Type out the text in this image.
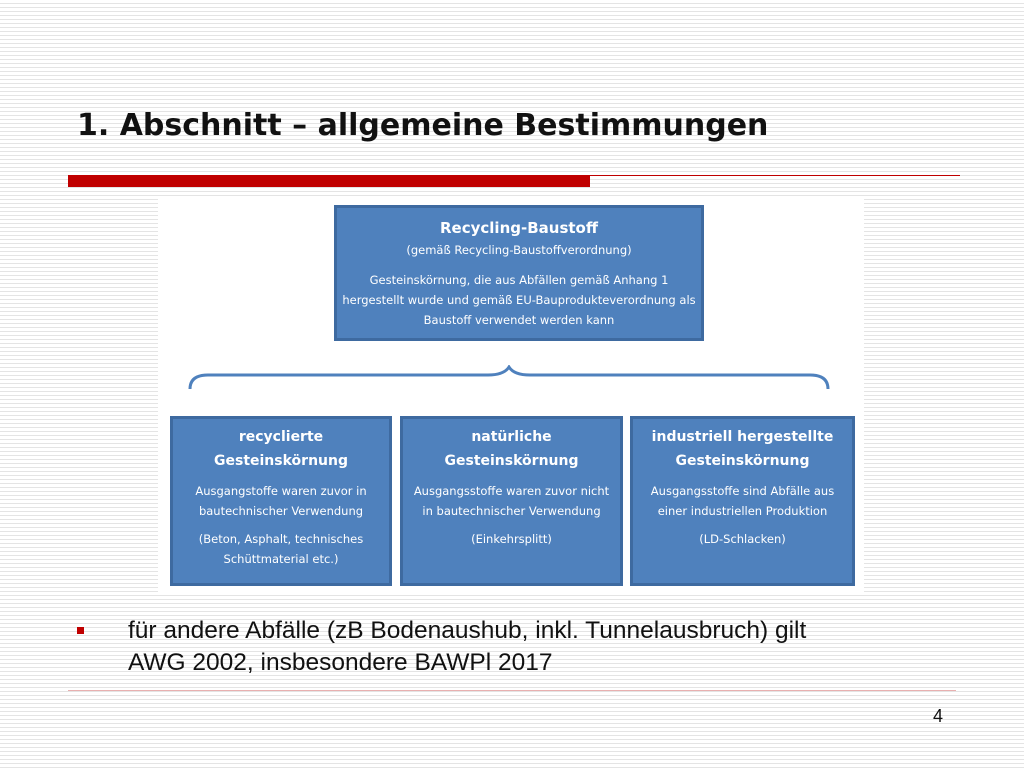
1. Abschnitt – allgemeine Bestimmungen
Recycling-Baustoff
(gemäß Recycling-Baustoffverordnung)
Gesteinskörnung, die aus Abfällen gemäß Anhang 1
hergestellt wurde und gemäß EU-Bauprodukteverordnung als
Baustoff verwendet werden kann
recyclierte
Gesteinskörnung
Ausgangstoffe waren zuvor in
bautechnischer Verwendung
(Beton, Asphalt, technisches
Schüttmaterial etc.)
natürliche
Gesteinskörnung
Ausgangsstoffe waren zuvor nicht
in bautechnischer Verwendung
(Einkehrsplitt)
industriell hergestellte
Gesteinskörnung
Ausgangsstoffe sind Abfälle aus
einer industriellen Produktion
(LD-Schlacken)

für andere Abfälle (zB Bodenaushub, inkl. Tunnelausbruch) gilt
AWG 2002, insbesondere BAWPl 2017

4
